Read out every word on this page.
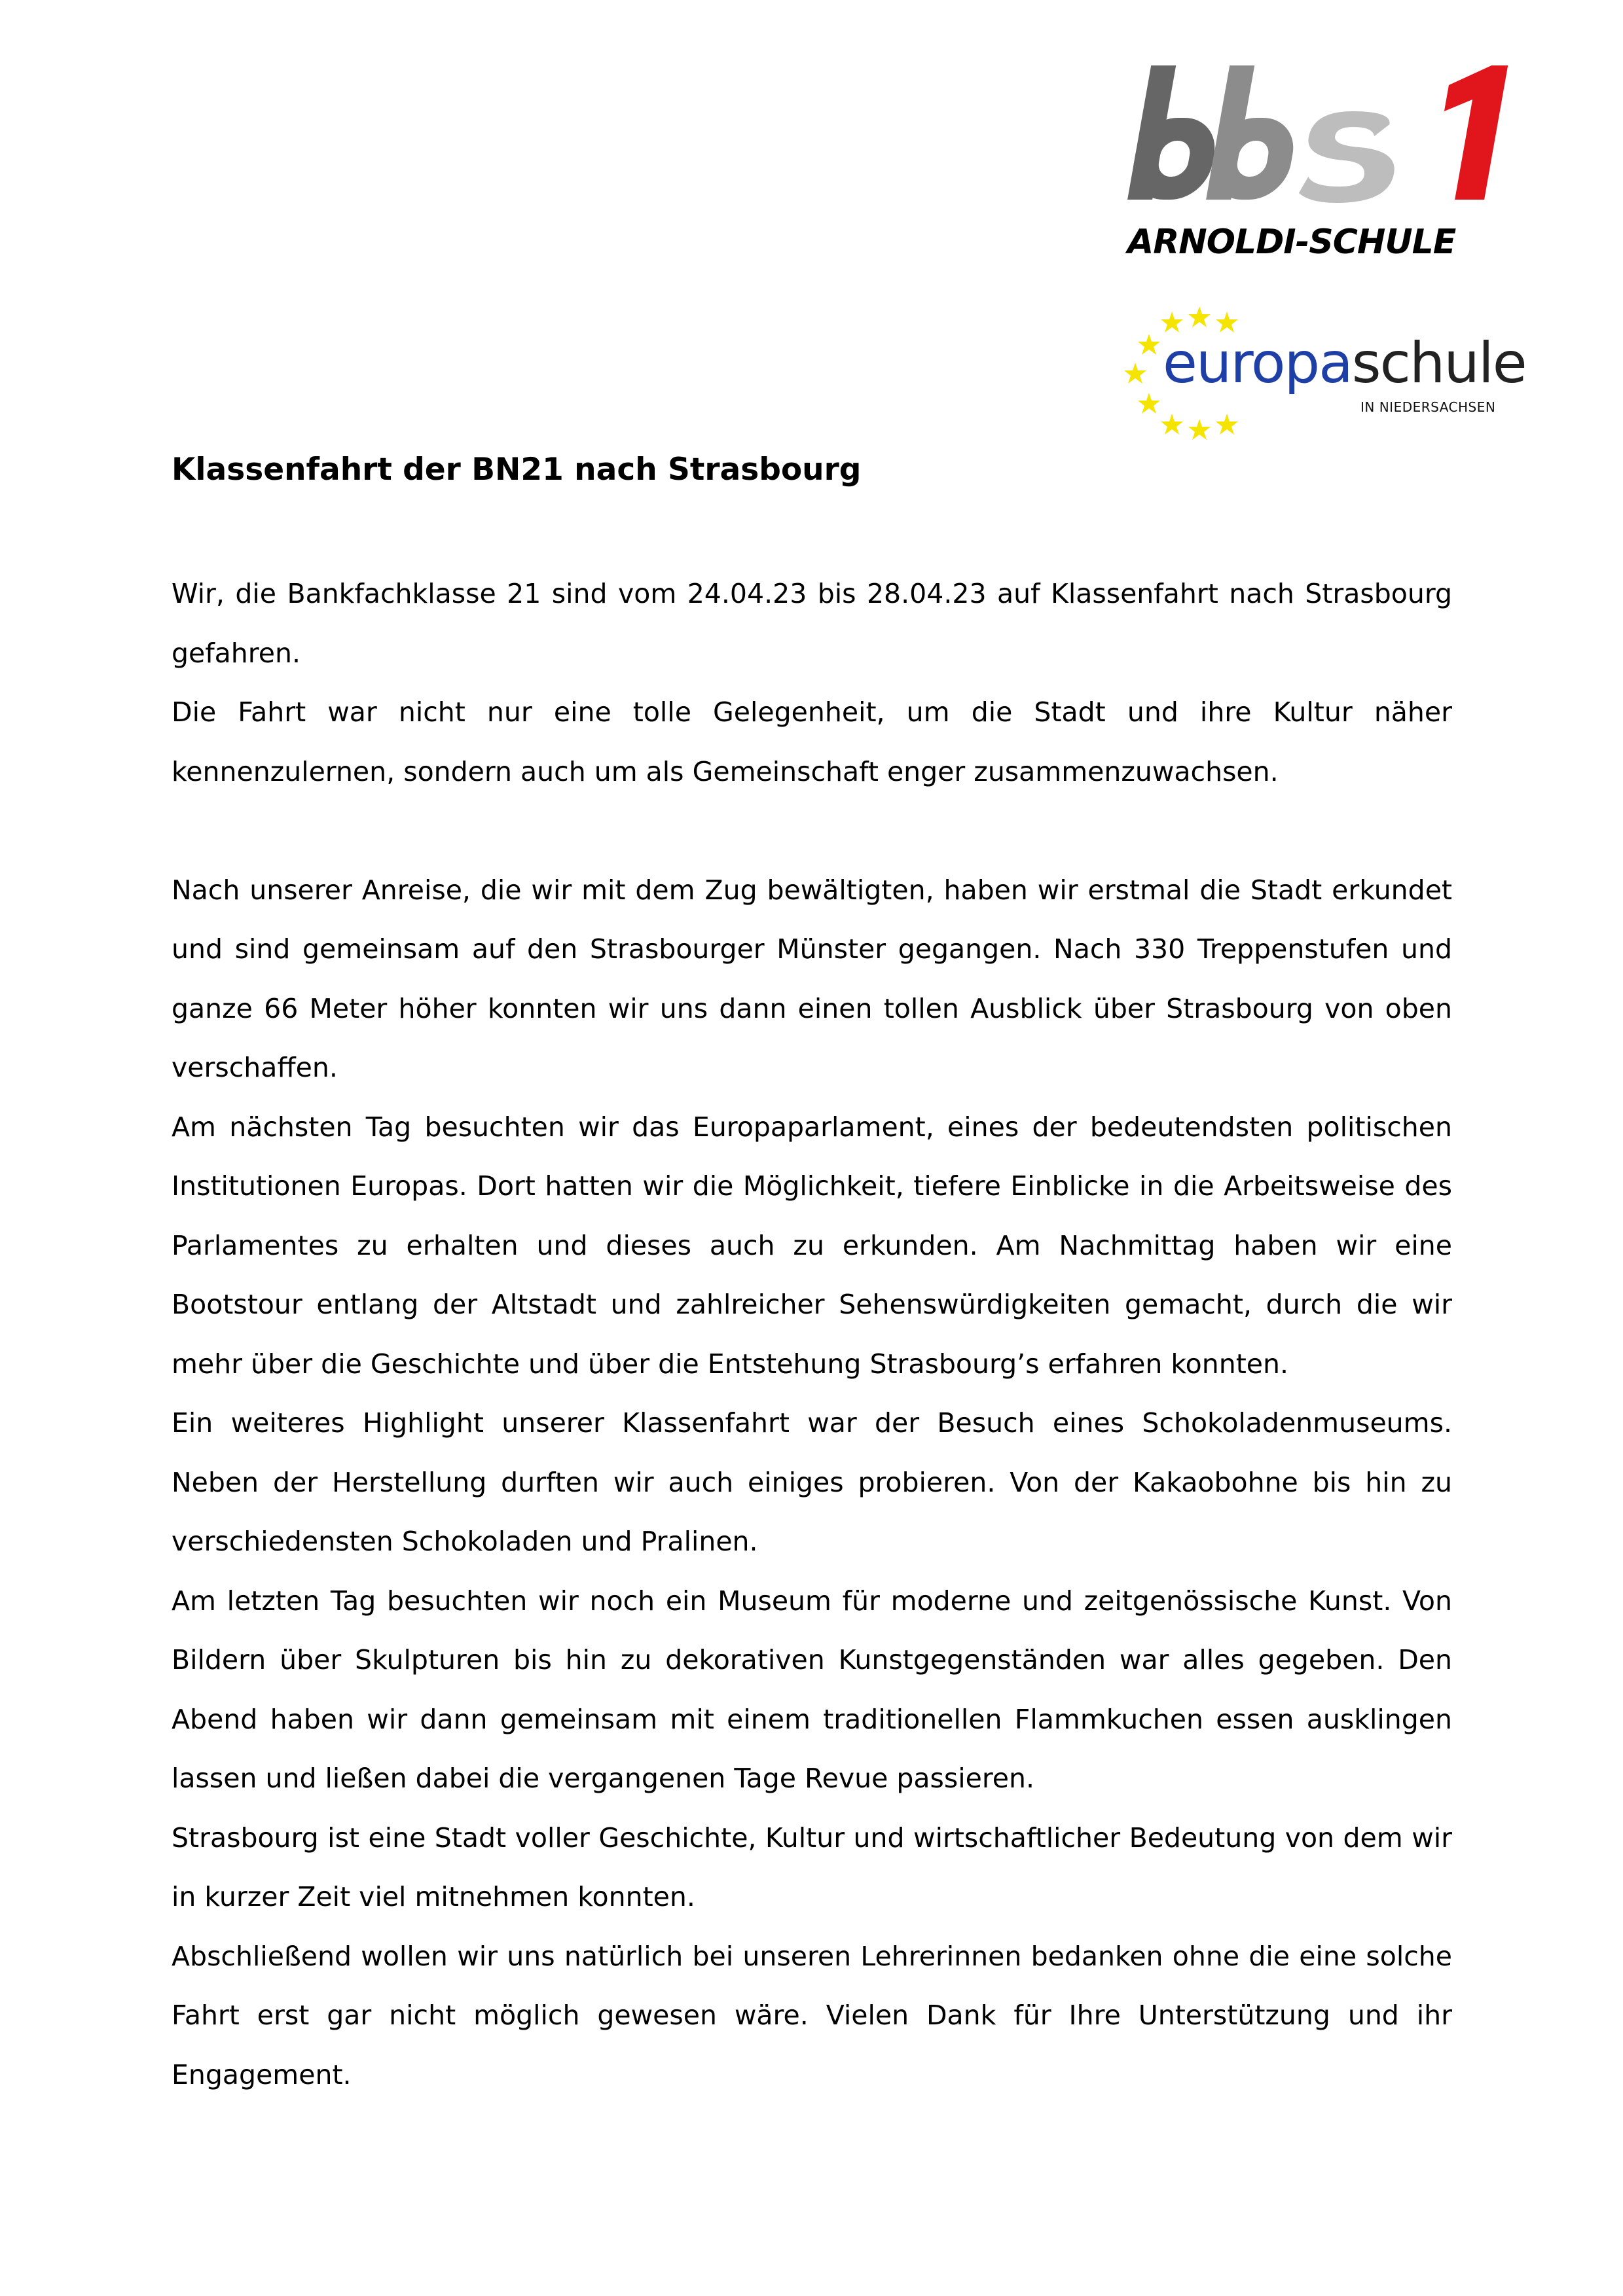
ARNOLDI-SCHULE
europaschule
IN NIEDERSACHSEN
Klassenfahrt der BN21 nach Strasbourg

Wir, die Bankfachklasse 21 sind vom 24.04.23 bis 28.04.23 auf Klassenfahrt nach Strasbourg gefahren.

Die Fahrt war nicht nur eine tolle Gelegenheit, um die Stadt und ihre Kultur näher kennenzulernen, sondern auch um als Gemeinschaft enger zusammenzuwachsen.

Nach unserer Anreise, die wir mit dem Zug bewältigten, haben wir erstmal die Stadt erkundet und sind gemeinsam auf den Strasbourger Münster gegangen. Nach 330 Treppenstufen und ganze 66 Meter höher konnten wir uns dann einen tollen Ausblick über Strasbourg von oben verschaffen.

Am nächsten Tag besuchten wir das Europaparlament, eines der bedeutendsten politischen Institutionen Europas. Dort hatten wir die Möglichkeit, tiefere Einblicke in die Arbeitsweise des Parlamentes zu erhalten und dieses auch zu erkunden. Am Nachmittag haben wir eine Bootstour entlang der Altstadt und zahlreicher Sehenswürdigkeiten gemacht, durch die wir mehr über die Geschichte und über die Entstehung Strasbourg’s erfahren konnten.

Ein weiteres Highlight unserer Klassenfahrt war der Besuch eines Schokoladenmuseums. Neben der Herstellung durften wir auch einiges probieren. Von der Kakaobohne bis hin zu verschiedensten Schokoladen und Pralinen.

Am letzten Tag besuchten wir noch ein Museum für moderne und zeitgenössische Kunst. Von Bildern über Skulpturen bis hin zu dekorativen Kunstgegenständen war alles gegeben. Den Abend haben wir dann gemeinsam mit einem traditionellen Flammkuchen essen ausklingen lassen und ließen dabei die vergangenen Tage Revue passieren.

Strasbourg ist eine Stadt voller Geschichte, Kultur und wirtschaftlicher Bedeutung von dem wir in kurzer Zeit viel mitnehmen konnten.

Abschließend wollen wir uns natürlich bei unseren Lehrerinnen bedanken ohne die eine solche Fahrt erst gar nicht möglich gewesen wäre. Vielen Dank für Ihre Unterstützung und ihr Engagement.
